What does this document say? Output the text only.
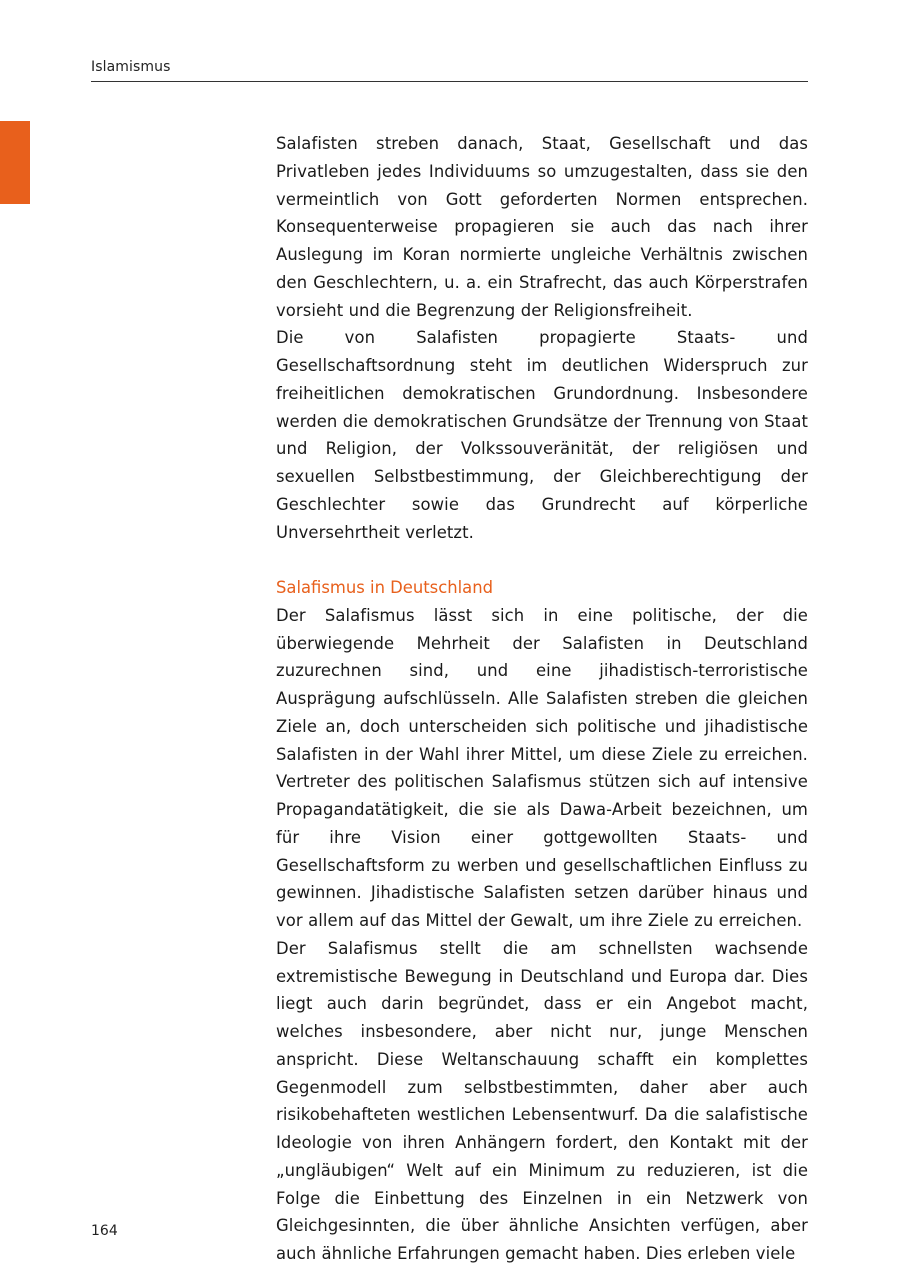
Islamismus

Salafisten streben danach, Staat, Gesellschaft und das Privatleben jedes Individuums so umzugestalten, dass sie den vermeintlich von Gott geforderten Normen entsprechen. Konsequenterweise propagieren sie auch das nach ihrer Auslegung im Koran normierte ungleiche Verhältnis zwischen den Geschlechtern, u. a. ein Strafrecht, das auch Körperstrafen vorsieht und die Begrenzung der Religionsfreiheit.

Die von Salafisten propagierte Staats- und Gesellschaftsordnung steht im deutlichen Widerspruch zur freiheitlichen demokratischen Grundordnung. Insbesondere werden die demokratischen Grundsätze der Trennung von Staat und Religion, der Volkssouveränität, der religiösen und sexuellen Selbstbestimmung, der Gleichberechtigung der Geschlechter sowie das Grundrecht auf körperliche Unversehrtheit verletzt.

Salafismus in Deutschland

Der Salafismus lässt sich in eine politische, der die überwiegende Mehrheit der Salafisten in Deutschland zuzurechnen sind, und eine jihadistisch-terroristische Ausprägung aufschlüsseln. Alle Salafisten streben die gleichen Ziele an, doch unterscheiden sich politische und jihadistische Salafisten in der Wahl ihrer Mittel, um diese Ziele zu erreichen. Vertreter des politischen Salafismus stützen sich auf intensive Propagandatätigkeit, die sie als Dawa-Arbeit bezeichnen, um für ihre Vision einer gottgewollten Staats- und Gesellschaftsform zu werben und gesellschaftlichen Einfluss zu gewinnen. Jihadistische Salafisten setzen darüber hinaus und vor allem auf das Mittel der Gewalt, um ihre Ziele zu erreichen.

Der Salafismus stellt die am schnellsten wachsende extremistische Bewegung in Deutschland und Europa dar. Dies liegt auch darin begründet, dass er ein Angebot macht, welches insbesondere, aber nicht nur, junge Menschen anspricht. Diese Weltanschauung schafft ein komplettes Gegenmodell zum selbstbestimmten, daher aber auch risikobehafteten westlichen Lebensentwurf. Da die salafistische Ideologie von ihren Anhängern fordert, den Kontakt mit der „ungläubigen“ Welt auf ein Minimum zu reduzieren, ist die Folge die Einbettung des Einzelnen in ein Netzwerk von Gleichgesinnten, die über ähnliche Ansichten verfügen, aber auch ähnliche Erfahrungen gemacht haben. Dies erleben viele

164
